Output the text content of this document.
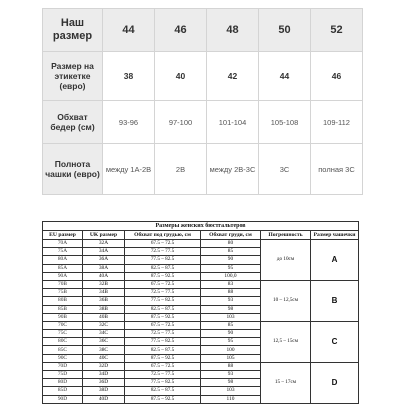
Наш размер	44	46	48	50	52
Размер на этикетке (евро)	38	40	42	44	46
Обхват бедер (см)	93-96	97-100	101-104	105-108	109-112
Полнота чашки (евро)	между 1А-2В	2В	между 2В-3С	3С	полная 3С
Размеры женских бюстгальтеров					
EU размер	UK размер	Обхват под грудью, см	Обхват груди, см	Погрешность	Размер чашечки
70A	32A	67.5 – 72.5	80	до 10см	A
75A	34A	72.5 – 77.5	85		
80A	36A	77.5 – 82.5	90		
85A	38A	82.5 – 87.5	95		
90A	40A	87.5 – 92.5	100,0		
70B	32B	67.5 – 72.5	83	10 – 12,5см	B
75B	34B	72.5 – 77.5	88		
80B	36B	77.5 – 82.5	93		
85B	38B	82.5 – 87.5	98		
90B	40B	87.5 – 92.5	103		
70C	32C	67.5 – 72.5	85	12,5 – 15см	C
75C	34C	72.5 – 77.5	90		
80C	36C	77.5 – 82.5	95		
85C	38C	82.5 – 87.5	100		
90C	40C	87.5 – 92.5	105		
70D	32D	67.5 – 72.5	88	15 – 17см	D
75D	34D	72.5 – 77.5	93		
80D	36D	77.5 – 82.5	98		
85D	38D	82.5 – 87.5	103		
90D	40D	87.5 – 92.5	110		
